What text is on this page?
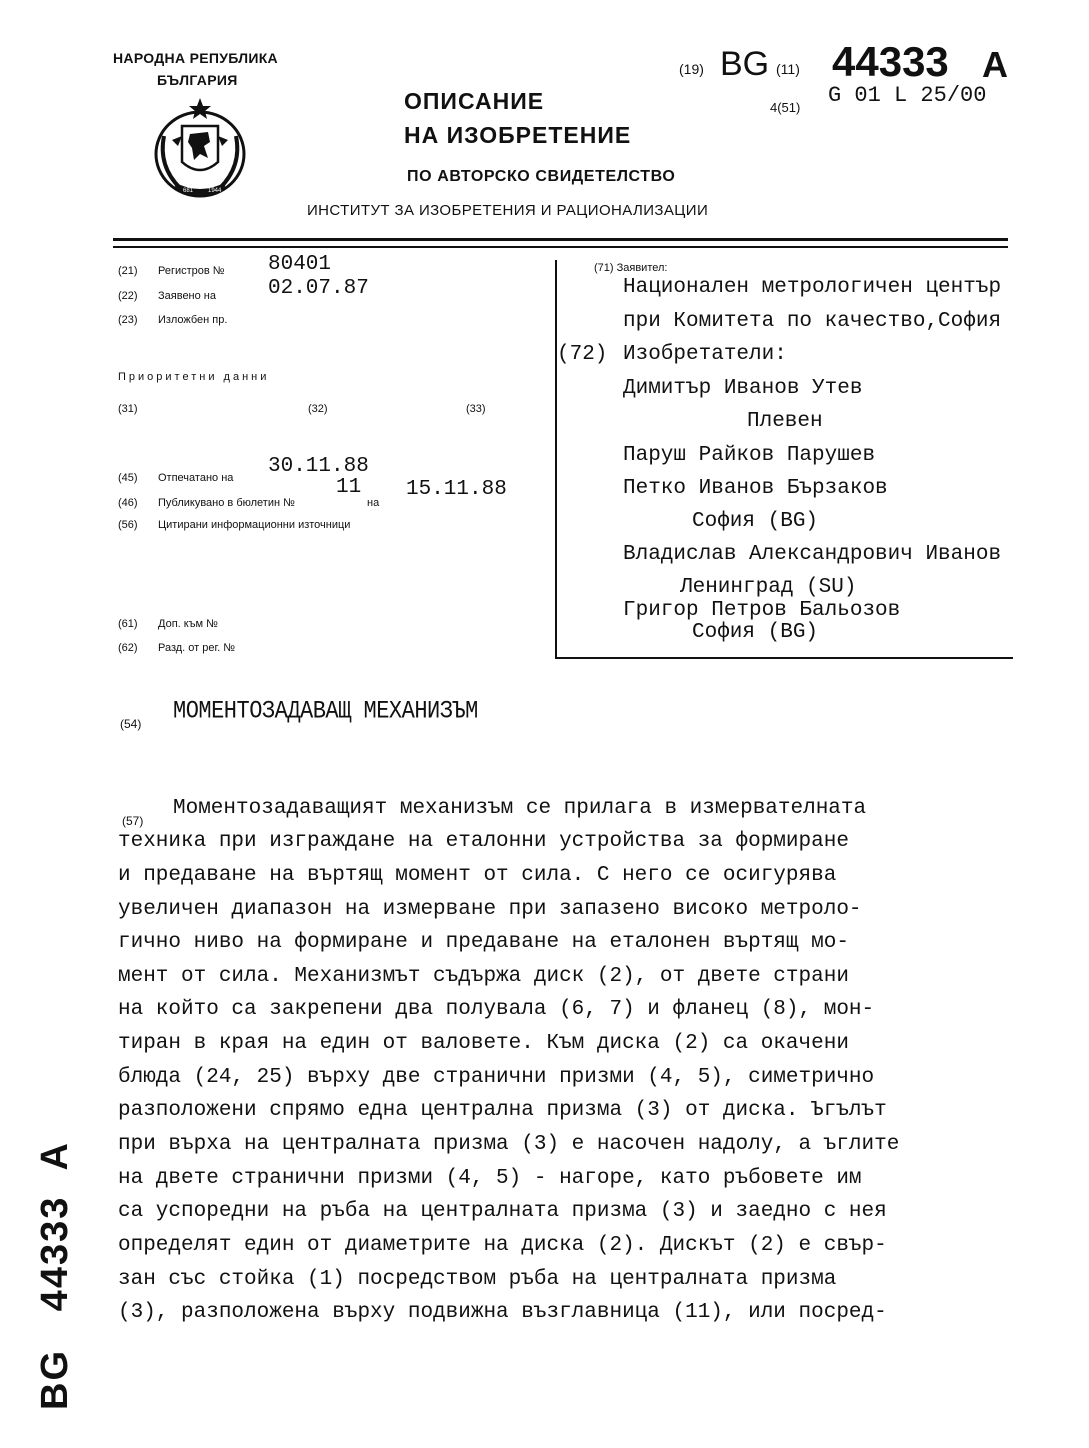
НАРОДНА РЕПУБЛИКА
БЪЛГАРИЯ
681 1944
ОПИСАНИЕ
НА ИЗОБРЕТЕНИЕ
ПО АВТОРСКО СВИДЕТЕЛСТВО
ИНСТИТУТ ЗА ИЗОБРЕТЕНИЯ И РАЦИОНАЛИЗАЦИИ
(19) BG (11) 44333 A
4(51) G 01 L 25/00
(21) Регистров № 80401
(22) Заявено на 02.07.87
(23) Изложбен пр.
Приоритетни данни
(31)	(32)	(33)
(45) Отпечатано на 30.11.88
(46) Публикувано в бюлетин №
11
на
15.11.88
(56) Цитирани информационни източници
(61) Доп. към №
(62) Разд. от рег. №
(71) Заявител:
Национален метрологичен център
при Комитета по качество,София
(72) Изобретатели:
Димитър Иванов Утев
Плевен
Паруш Райков Парушев
Петко Иванов Бързаков
София (BG)
Владислав Александрович Иванов
Ленинград (SU)
Григор Петров Бальозов
София (BG)
(54) МОМЕНТОЗАДАВАЩ МЕХАНИЗЪМ
(57)
Моментозадаващият механизъм се прилага в измервателната
техника при изграждане на еталонни устройства за формиране
и предаване на въртящ момент от сила. С него се осигурява
увеличен диапазон на измерване при запазено високо метроло-
гично ниво на формиране и предаване на еталонен въртящ мо-
мент от сила. Механизмът съдържа диск (2), от двете страни
на който са закрепени два полувала (6, 7) и фланец (8), мон-
тиран в края на един от валовете. Към диска (2) са окачени
блюда (24, 25) върху две странични призми (4, 5), симетрично
разположени спрямо една централна призма (3) от диска. Ъгълът
при върха на централната призма (3) е насочен надолу, а ъглите
на двете странични призми (4, 5) - нагоре, като ръбовете им
са успоредни на ръба на централната призма (3) и заедно с нея
определят един от диаметрите на диска (2). Дискът (2) е свър-
зан със стойка (1) посредством ръба на централната призма
(3), разположена върху подвижна възглавница (11), или посред-
BG   44333  A
